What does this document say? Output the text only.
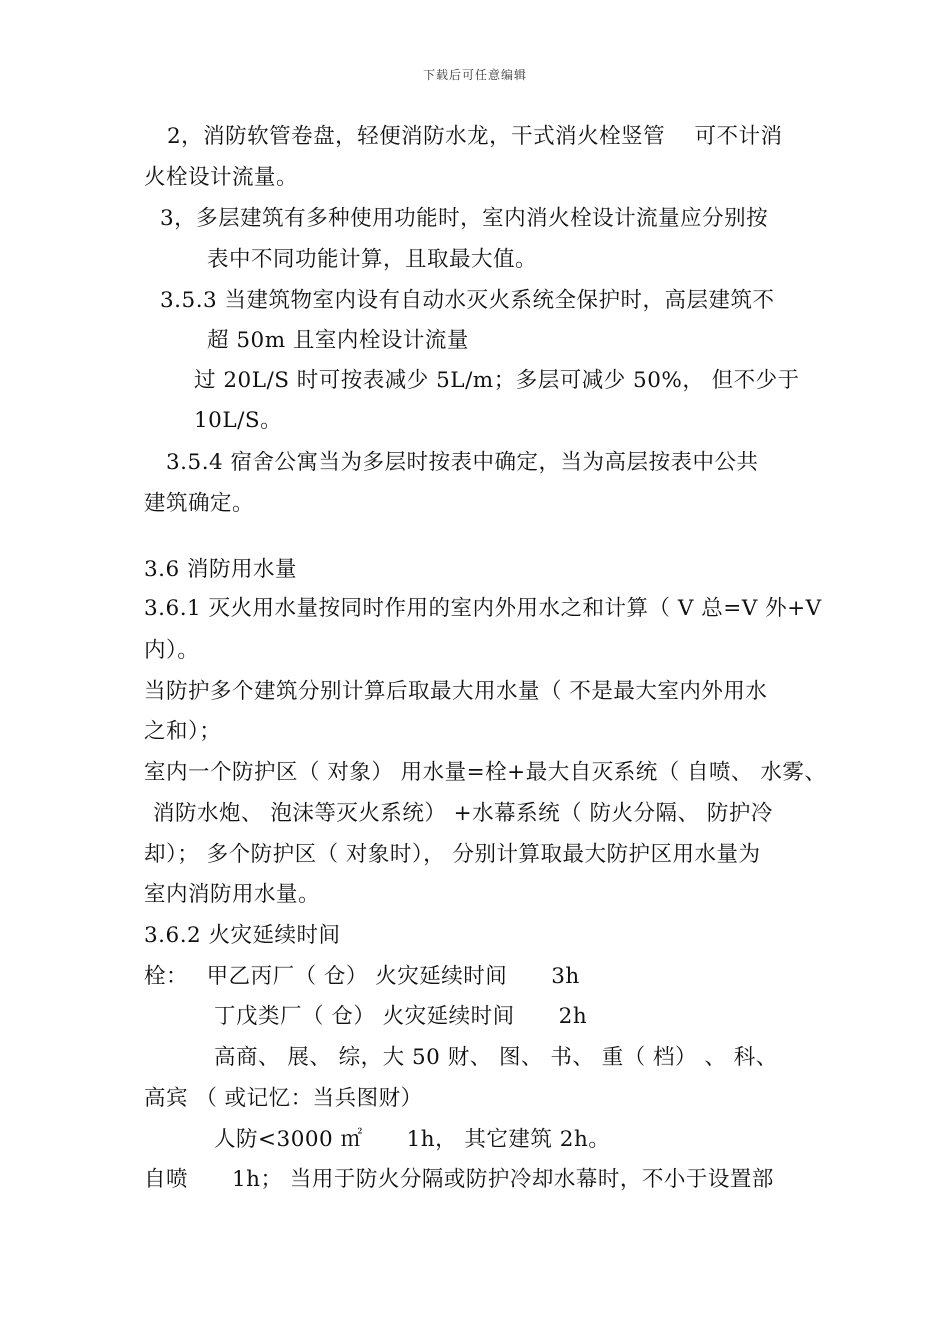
下载后可任意编辑
2，消防软管卷盘，轻便消防水龙，干式消火栓竖管　 可不计消
火栓设计流量。
3，多层建筑有多种使用功能时，室内消火栓设计流量应分别按
表中不同功能计算，且取最大值。
3.5.3 当建筑物室内设有自动水灭火系统全保护时，高层建筑不
超 50m 且室内栓设计流量
过 20L/S 时可按表减少 5L/m；多层可减少 50%， 但不少于
10L/S。
3.5.4 宿舍公寓当为多层时按表中确定，当为高层按表中公共
建筑确定。
3.6 消防用水量
3.6.1 灭火用水量按同时作用的室内外用水之和计算（ V 总=V 外+V
内）。
当防护多个建筑分别计算后取最大用水量（ 不是最大室内外用水
之和）；
室内一个防护区（ 对象） 用水量=栓+最大自灭系统（ 自喷、 水雾、
消防水炮、 泡沫等灭火系统） +水幕系统（ 防火分隔、 防护冷
却）； 多个防护区（ 对象时）， 分别计算取最大防护区用水量为
室内消防用水量。
3.6.2 火灾延续时间
栓：　 甲乙丙厂（ 仓） 火灾延续时间　　3h
丁戊类厂（ 仓） 火灾延续时间　　2h
高商、 展、 综，大 50 财、 图、 书、 重（ 档） 、 科、
高宾 （ 或记忆：当兵图财）
人防<3000 ㎡　　1h， 其它建筑 2h。
自喷　　1h； 当用于防火分隔或防护冷却水幕时，不小于设置部
